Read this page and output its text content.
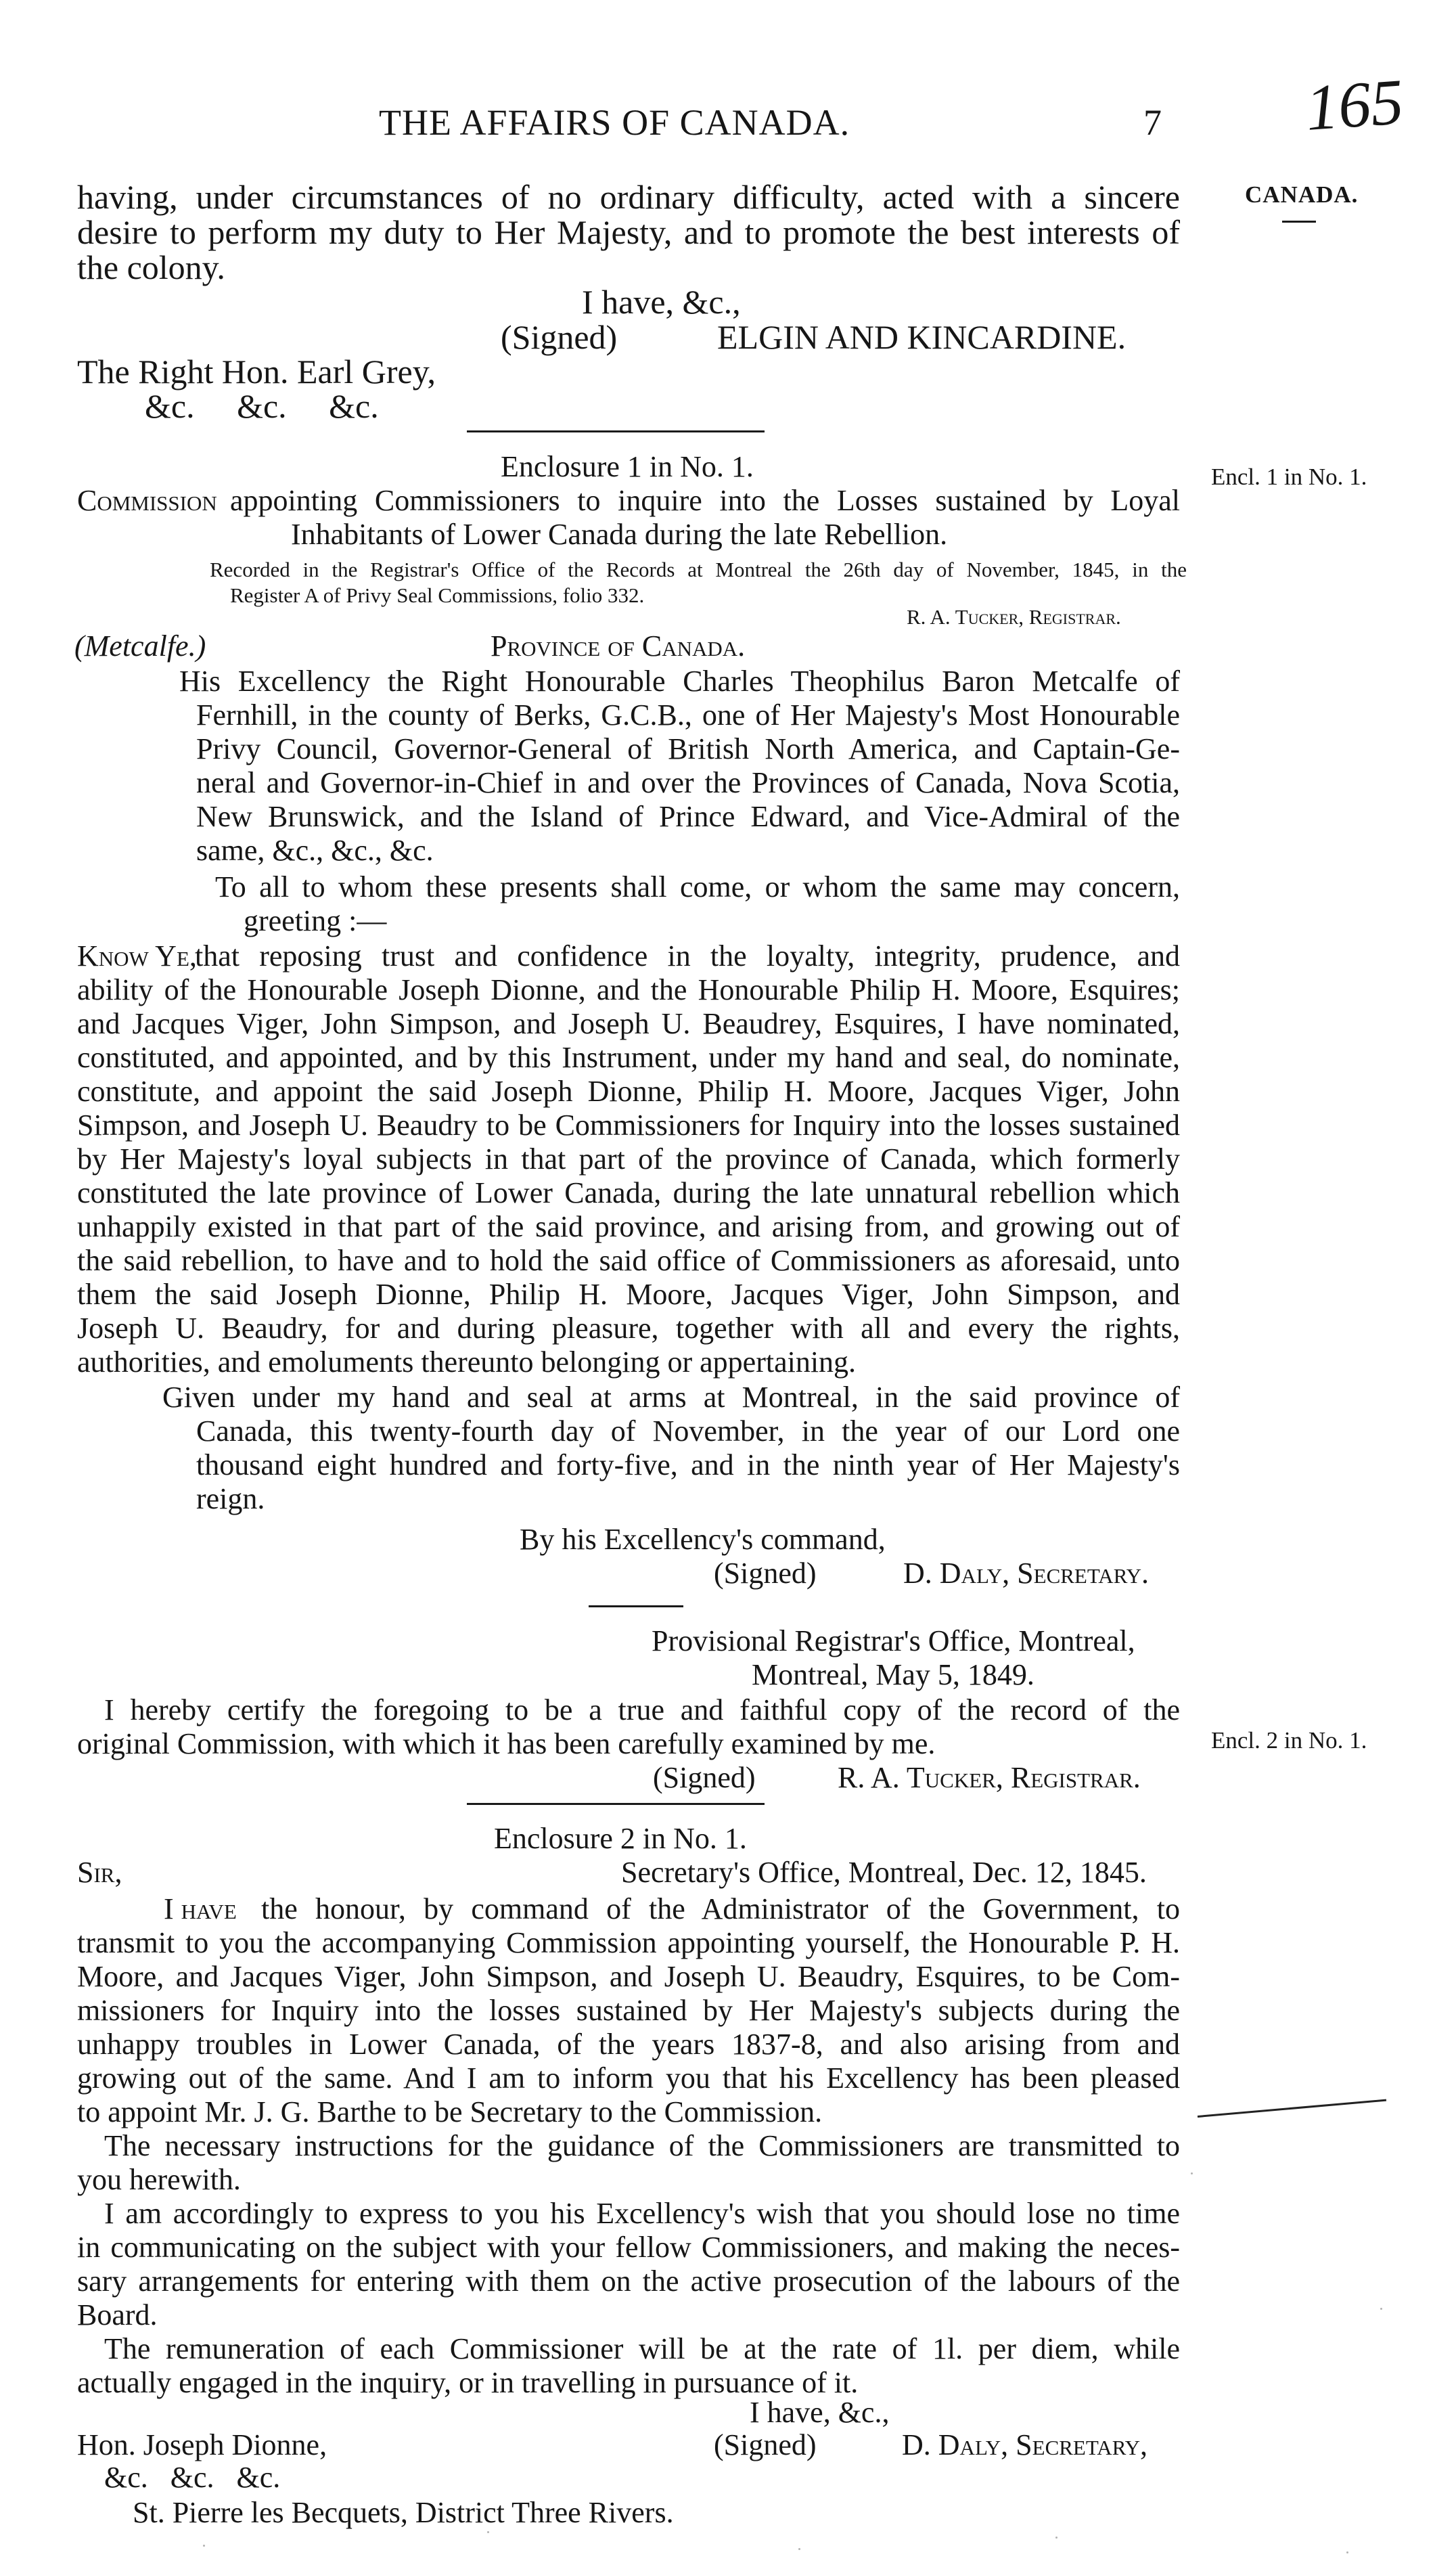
THE AFFAIRS OF CANADA.	7 165
CANADA.
Encl. 1 in No. 1.
Encl. 2 in No. 1.
having, under circumstances of no ordinary difficulty, acted with a sincere
desire to perform my duty to Her Majesty, and to promote the best interests of
the colony.
I have, &c.,
(Signed)	ELGIN AND KINCARDINE.
The Right Hon. Earl Grey,
&c.     &c.     &c.
Enclosure 1 in No. 1.
Commission appointing Commissioners to inquire into the Losses sustained by Loyal
Inhabitants of Lower Canada during the late Rebellion.
Recorded in the Registrar's Office of the Records at Montreal the 26th day of November, 1845, in the
Register A of Privy Seal Commissions, folio 332.
R. A. Tucker, Registrar.
(Metcalfe.)	Province of Canada.
His Excellency the Right Honourable Charles Theophilus Baron Metcalfe of
Fernhill, in the county of Berks, G.C.B., one of Her Majesty's Most Honourable
Privy Council, Governor-General of British North America, and Captain-Ge-
neral and Governor-in-Chief in and over the Provinces of Canada, Nova Scotia,
New Brunswick, and the Island of Prince Edward, and Vice-Admiral of the
same, &c., &c., &c.
To all to whom these presents shall come, or whom the same may concern,
greeting :—
Know Ye,
that reposing trust and confidence in the loyalty, integrity, prudence, and
ability of the Honourable Joseph Dionne, and the Honourable Philip H. Moore, Esquires;
and Jacques Viger, John Simpson, and Joseph U. Beaudrey, Esquires, I have nominated,
constituted, and appointed, and by this Instrument, under my hand and seal, do nominate,
constitute, and appoint the said Joseph Dionne, Philip H. Moore, Jacques Viger, John
Simpson, and Joseph U. Beaudry to be Commissioners for Inquiry into the losses sustained
by Her Majesty's loyal subjects in that part of the province of Canada, which formerly
constituted the late province of Lower Canada, during the late unnatural rebellion which
unhappily existed in that part of the said province, and arising from, and growing out of
the said rebellion, to have and to hold the said office of Commissioners as aforesaid, unto
them the said Joseph Dionne, Philip H. Moore, Jacques Viger, John Simpson, and
Joseph U. Beaudry, for and during pleasure, together with all and every the rights,
authorities, and emoluments thereunto belonging or appertaining.
Given under my hand and seal at arms at Montreal, in the said province of
Canada, this twenty-fourth day of November, in the year of our Lord one
thousand eight hundred and forty-five, and in the ninth year of Her Majesty's
reign.
By his Excellency's command,
(Signed)	D. Daly, Secretary.
Provisional Registrar's Office, Montreal,
Montreal, May 5, 1849.
I hereby certify the foregoing to be a true and faithful copy of the record of the
original Commission, with which it has been carefully examined by me.
(Signed)	R. A. Tucker, Registrar.
Enclosure 2 in No. 1.
Sir,	Secretary's Office, Montreal, Dec. 12, 1845.
I have the honour, by command of the Administrator of the Government, to
transmit to you the accompanying Commission appointing yourself, the Honourable P. H.
Moore, and Jacques Viger, John Simpson, and Joseph U. Beaudry, Esquires, to be Com-
missioners for Inquiry into the losses sustained by Her Majesty's subjects during the
unhappy troubles in Lower Canada, of the years 1837-8, and also arising from and
growing out of the same. And I am to inform you that his Excellency has been pleased
to appoint Mr. J. G. Barthe to be Secretary to the Commission.
The necessary instructions for the guidance of the Commissioners are transmitted to
you herewith.
I am accordingly to express to you his Excellency's wish that you should lose no time
in communicating on the subject with your fellow Commissioners, and making the neces-
sary arrangements for entering with them on the active prosecution of the labours of the
Board.
The remuneration of each Commissioner will be at the rate of 1l. per diem, while
actually engaged in the inquiry, or in travelling in pursuance of it.
I have, &c.,
Hon. Joseph Dionne,	(Signed)	D. Daly, Secretary,
&c.   &c.   &c.
St. Pierre les Becquets, District Three Rivers.
